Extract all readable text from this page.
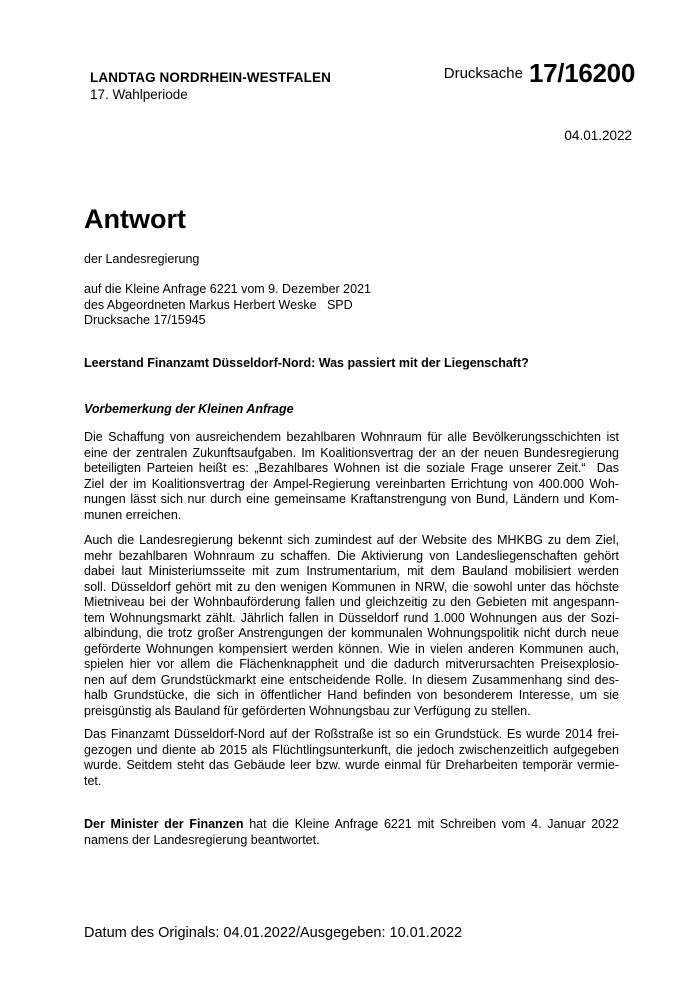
LANDTAG NORDRHEIN-WESTFALEN
17. Wahlperiode
Drucksache 17/16200
04.01.2022
Antwort
der Landesregierung
auf die Kleine Anfrage 6221 vom 9. Dezember 2021
des Abgeordneten Markus Herbert Weske   SPD
Drucksache 17/15945
Leerstand Finanzamt Düsseldorf-Nord: Was passiert mit der Liegenschaft?
Vorbemerkung der Kleinen Anfrage
Die Schaffung von ausreichendem bezahlbaren Wohnraum für alle Bevölkerungsschichten ist
eine der zentralen Zukunftsaufgaben. Im Koalitionsvertrag der an der neuen Bundesregierung
beteiligten Parteien heißt es: „Bezahlbares Wohnen ist die soziale Frage unserer Zeit.“  Das
Ziel der im Koalitionsvertrag der Ampel-Regierung vereinbarten Errichtung von 400.000 Woh-
nungen lässt sich nur durch eine gemeinsame Kraftanstrengung von Bund, Ländern und Kom-
munen erreichen.
Auch die Landesregierung bekennt sich zumindest auf der Website des MHKBG zu dem Ziel,
mehr bezahlbaren Wohnraum zu schaffen. Die Aktivierung von Landesliegenschaften gehört
dabei laut Ministeriumsseite mit zum Instrumentarium, mit dem Bauland mobilisiert werden
soll. Düsseldorf gehört mit zu den wenigen Kommunen in NRW, die sowohl unter das höchste
Mietniveau bei der Wohnbauförderung fallen und gleichzeitig zu den Gebieten mit angespann-
tem Wohnungsmarkt zählt. Jährlich fallen in Düsseldorf rund 1.000 Wohnungen aus der Sozi-
albindung, die trotz großer Anstrengungen der kommunalen Wohnungspolitik nicht durch neue
geförderte Wohnungen kompensiert werden können. Wie in vielen anderen Kommunen auch,
spielen hier vor allem die Flächenknappheit und die dadurch mitverursachten Preisexplosio-
nen auf dem Grundstückmarkt eine entscheidende Rolle. In diesem Zusammenhang sind des-
halb Grundstücke, die sich in öffentlicher Hand befinden von besonderem Interesse, um sie
preisgünstig als Bauland für geförderten Wohnungsbau zur Verfügung zu stellen.
Das Finanzamt Düsseldorf-Nord auf der Roßstraße ist so ein Grundstück. Es wurde 2014 frei-
gezogen und diente ab 2015 als Flüchtlingsunterkunft, die jedoch zwischenzeitlich aufgegeben
wurde. Seitdem steht das Gebäude leer bzw. wurde einmal für Dreharbeiten temporär vermie-
tet.
Der Minister der Finanzen hat die Kleine Anfrage 6221 mit Schreiben vom 4. Januar 2022
namens der Landesregierung beantwortet.
Datum des Originals: 04.01.2022/Ausgegeben: 10.01.2022
